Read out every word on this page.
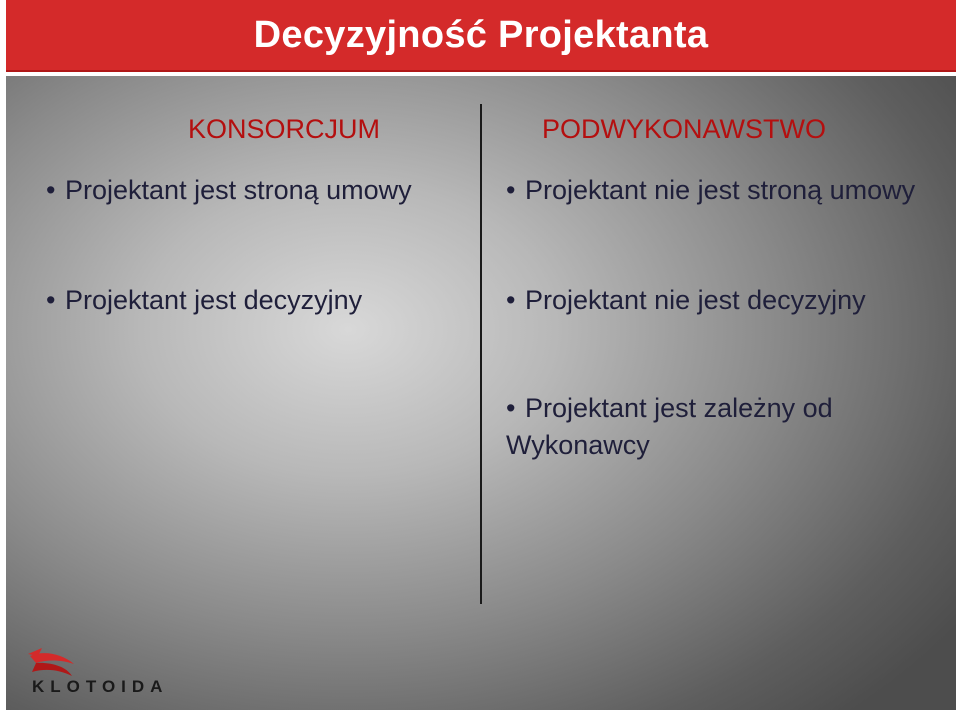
Decyzyjność Projektanta
KONSORCJUM
• Projektant jest stroną umowy
• Projektant jest decyzyjny
PODWYKONAWSTWO
• Projektant nie jest stroną umowy
• Projektant nie jest decyzyjny
• Projektant jest zależny od Wykonawcy
KLOTOIDA
